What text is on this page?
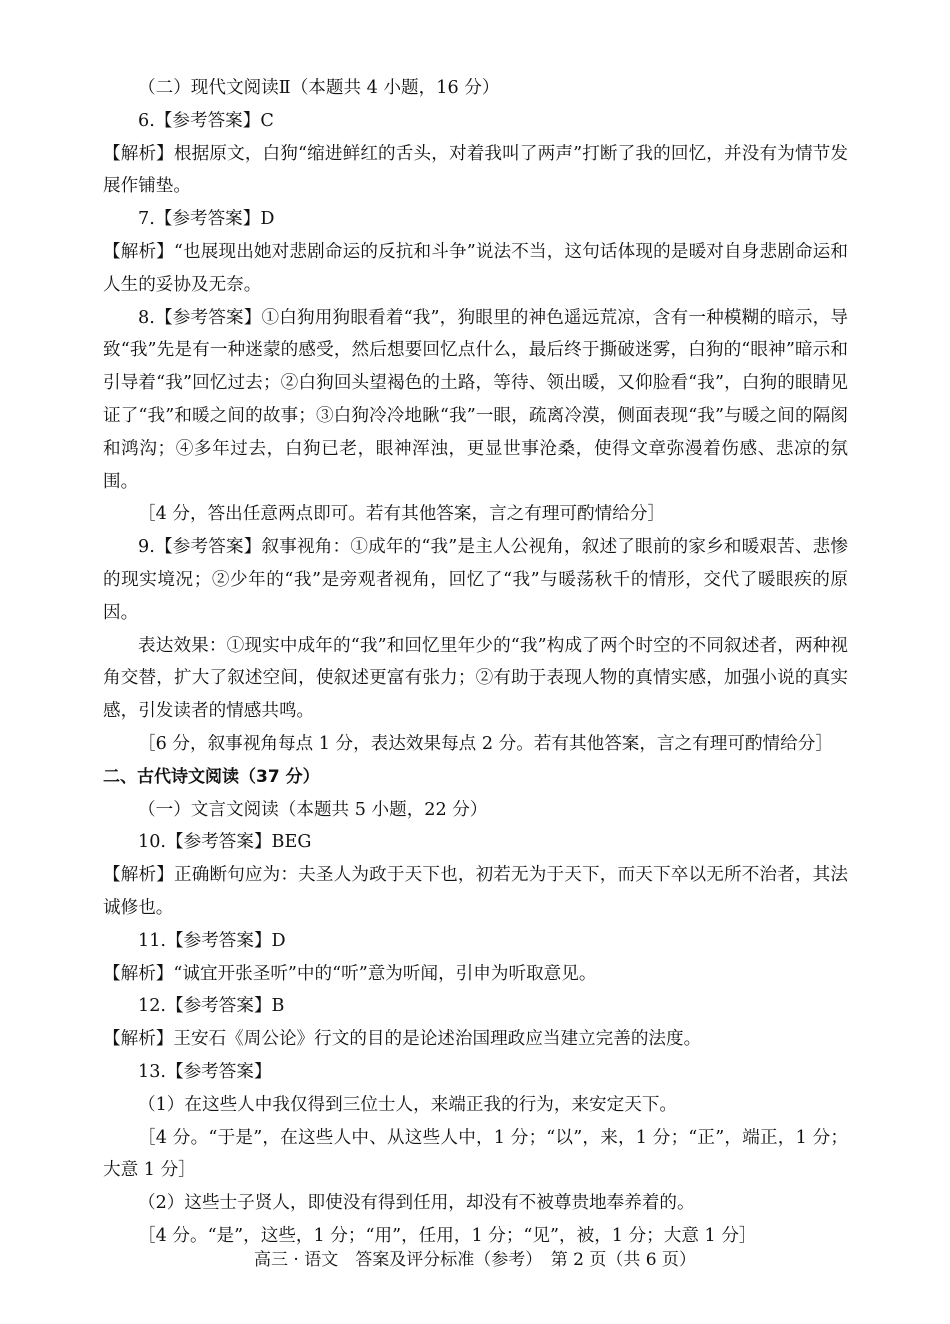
（二）现代文阅读Ⅱ（本题共 4 小题，16 分）

6.【参考答案】C

【解析】根据原文，白狗“缩进鲜红的舌头，对着我叫了两声”打断了我的回忆，并没有为情节发展作铺垫。

7.【参考答案】D

【解析】“也展现出她对悲剧命运的反抗和斗争”说法不当，这句话体现的是暖对自身悲剧命运和人生的妥协及无奈。

8.【参考答案】①白狗用狗眼看着“我”，狗眼里的神色遥远荒凉，含有一种模糊的暗示，导致“我”先是有一种迷蒙的感受，然后想要回忆点什么，最后终于撕破迷雾，白狗的“眼神”暗示和引导着“我”回忆过去；②白狗回头望褐色的土路，等待、领出暖，又仰脸看“我”，白狗的眼睛见证了“我”和暖之间的故事；③白狗冷冷地瞅“我”一眼，疏离冷漠，侧面表现“我”与暖之间的隔阂和鸿沟；④多年过去，白狗已老，眼神浑浊，更显世事沧桑，使得文章弥漫着伤感、悲凉的氛围。

［4 分，答出任意两点即可。若有其他答案，言之有理可酌情给分］

9.【参考答案】叙事视角：①成年的“我”是主人公视角，叙述了眼前的家乡和暖艰苦、悲惨的现实境况；②少年的“我”是旁观者视角，回忆了“我”与暖荡秋千的情形，交代了暖眼疾的原因。

表达效果：①现实中成年的“我”和回忆里年少的“我”构成了两个时空的不同叙述者，两种视角交替，扩大了叙述空间，使叙述更富有张力；②有助于表现人物的真情实感，加强小说的真实感，引发读者的情感共鸣。

［6 分，叙事视角每点 1 分，表达效果每点 2 分。若有其他答案，言之有理可酌情给分］

二、古代诗文阅读（37 分）

（一）文言文阅读（本题共 5 小题，22 分）

10.【参考答案】BEG

【解析】正确断句应为：夫圣人为政于天下也，初若无为于天下，而天下卒以无所不治者，其法诚修也。

11.【参考答案】D

【解析】“诚宜开张圣听”中的“听”意为听闻，引申为听取意见。

12.【参考答案】B

【解析】王安石《周公论》行文的目的是论述治国理政应当建立完善的法度。

13.【参考答案】

（1）在这些人中我仅得到三位士人，来端正我的行为，来安定天下。

［4 分。“于是”，在这些人中、从这些人中，1 分；“以”，来，1 分；“正”，端正，1 分；大意 1 分］

（2）这些士子贤人，即使没有得到任用，却没有不被尊贵地奉养着的。

［4 分。“是”，这些，1 分；“用”，任用，1 分；“见”，被，1 分；大意 1 分］

高三 · 语文　答案及评分标准（参考）　第 2 页（共 6 页）
